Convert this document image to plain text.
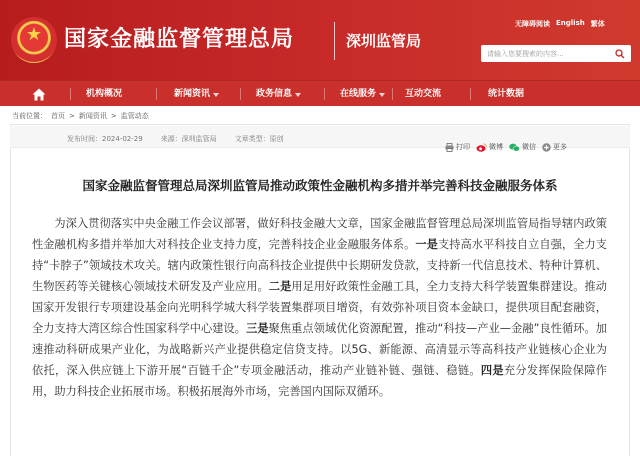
★ 国家金融监督管理总局	深圳监管局
无障碍阅读 English 繁体
请输入您要搜索的内容...
机构概况	新闻资讯	政务信息	在线服务	互动交流	统计数据
当前位置： 首页 > 新闻资讯 > 监管动态
发布时间：2024-02-29	来源：深圳监管局	文章类型：原创
打印	微博	微信 更多
国家金融监督管理总局深圳监管局推动政策性金融机构多措并举完善科技金融服务体系

为深入贯彻落实中央金融工作会议部署，做好科技金融大文章，国家金融监督管理总局深圳监管局指导辖内政策性金融机构多措并举加大对科技企业支持力度，完善科技企业金融服务体系。一是支持高水平科技自立自强，全力支持“卡脖子”领域技术攻关。辖内政策性银行向高科技企业提供中长期研发贷款，支持新一代信息技术、特种计算机、生物医药等关键核心领域技术研发及产业应用。二是用足用好政策性金融工具，全力支持大科学装置集群建设。推动国家开发银行专项建设基金向光明科学城大科学装置集群项目增资，有效弥补项目资本金缺口，提供项目配套融资，全力支持大湾区综合性国家科学中心建设。三是聚焦重点领域优化资源配置，推动“科技—产业—金融”良性循环。加速推动科研成果产业化，为战略新兴产业提供稳定信贷支持。以5G、新能源、高清显示等高科技产业链核心企业为依托，深入供应链上下游开展“百链千企”专项金融活动，推动产业链补链、强链、稳链。四是充分发挥保险保障作用，助力科技企业拓展市场。积极拓展海外市场，完善国内国际双循环。
